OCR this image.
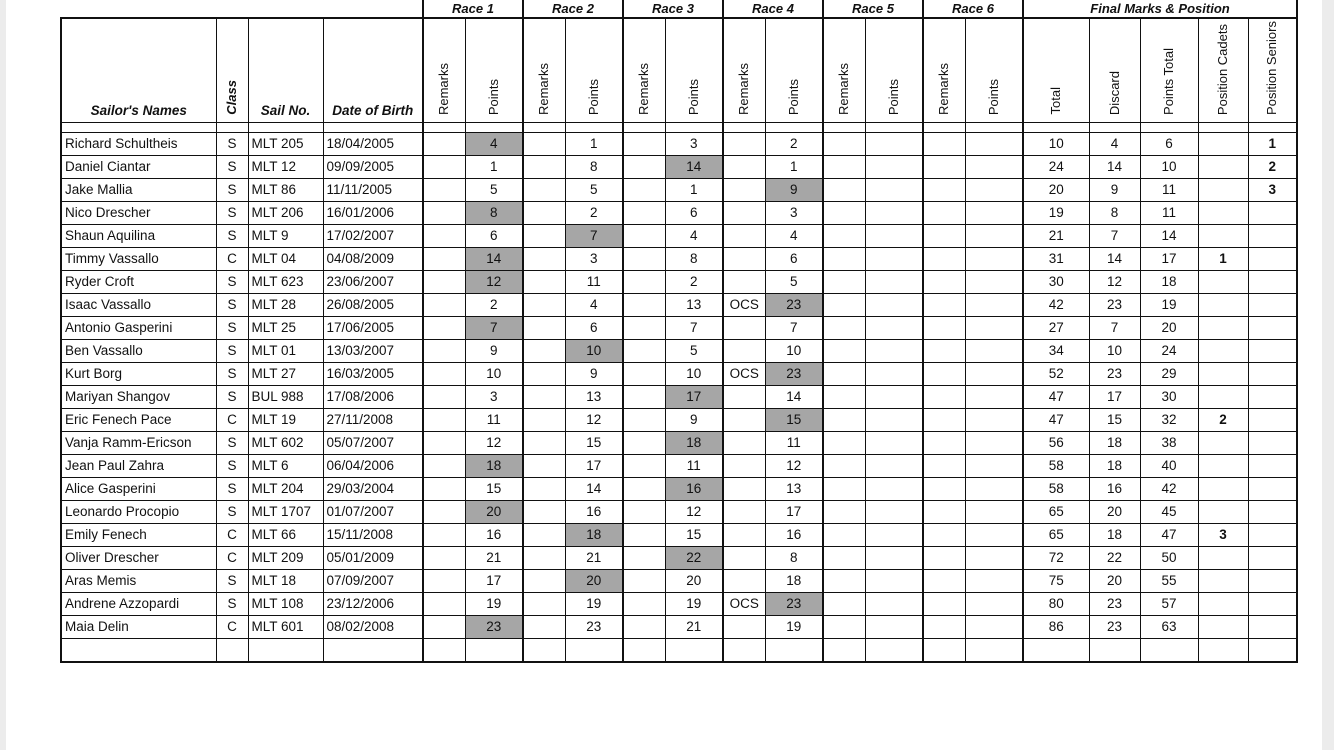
				Race 1		Race 2		Race 3		Race 4		Race 5		Race 6		Final Marks & Position				
Sailor's Names	Class	Sail No.	Date of Birth	Remarks	Points	Remarks	Points	Remarks	Points	Remarks	Points	Remarks	Points	Remarks	Points	Total	Discard	Points Total	Position Cadets	Position Seniors

Richard Schultheis	S	MLT 205	18/04/2005		4		1		3		2					10	4	6		1
Daniel Ciantar	S	MLT 12	09/09/2005		1		8		14		1					24	14	10		2
Jake Mallia	S	MLT 86	11/11/2005		5		5		1		9					20	9	11		3
Nico Drescher	S	MLT 206	16/01/2006		8		2		6		3					19	8	11		
Shaun Aquilina	S	MLT 9	17/02/2007		6		7		4		4					21	7	14		
Timmy Vassallo	C	MLT 04	04/08/2009		14		3		8		6					31	14	17	1	
Ryder Croft	S	MLT 623	23/06/2007		12		11		2		5					30	12	18		
Isaac Vassallo	S	MLT 28	26/08/2005		2		4		13	OCS	23					42	23	19		
Antonio Gasperini	S	MLT 25	17/06/2005		7		6		7		7					27	7	20		
Ben Vassallo	S	MLT 01	13/03/2007		9		10		5		10					34	10	24		
Kurt Borg	S	MLT 27	16/03/2005		10		9		10	OCS	23					52	23	29		
Mariyan Shangov	S	BUL 988	17/08/2006		3		13		17		14					47	17	30		
Eric Fenech Pace	C	MLT 19	27/11/2008		11		12		9		15					47	15	32	2	
Vanja Ramm-Ericson	S	MLT 602	05/07/2007		12		15		18		11					56	18	38		
Jean Paul Zahra	S	MLT 6	06/04/2006		18		17		11		12					58	18	40		
Alice Gasperini	S	MLT 204	29/03/2004		15		14		16		13					58	16	42		
Leonardo Procopio	S	MLT 1707	01/07/2007		20		16		12		17					65	20	45		
Emily Fenech	C	MLT 66	15/11/2008		16		18		15		16					65	18	47	3	
Oliver Drescher	C	MLT 209	05/01/2009		21		21		22		8					72	22	50		
Aras Memis	S	MLT 18	07/09/2007		17		20		20		18					75	20	55		
Andrene Azzopardi	S	MLT 108	23/12/2006		19		19		19	OCS	23					80	23	57		
Maia Delin	C	MLT 601	08/02/2008		23		23		21		19					86	23	63		
